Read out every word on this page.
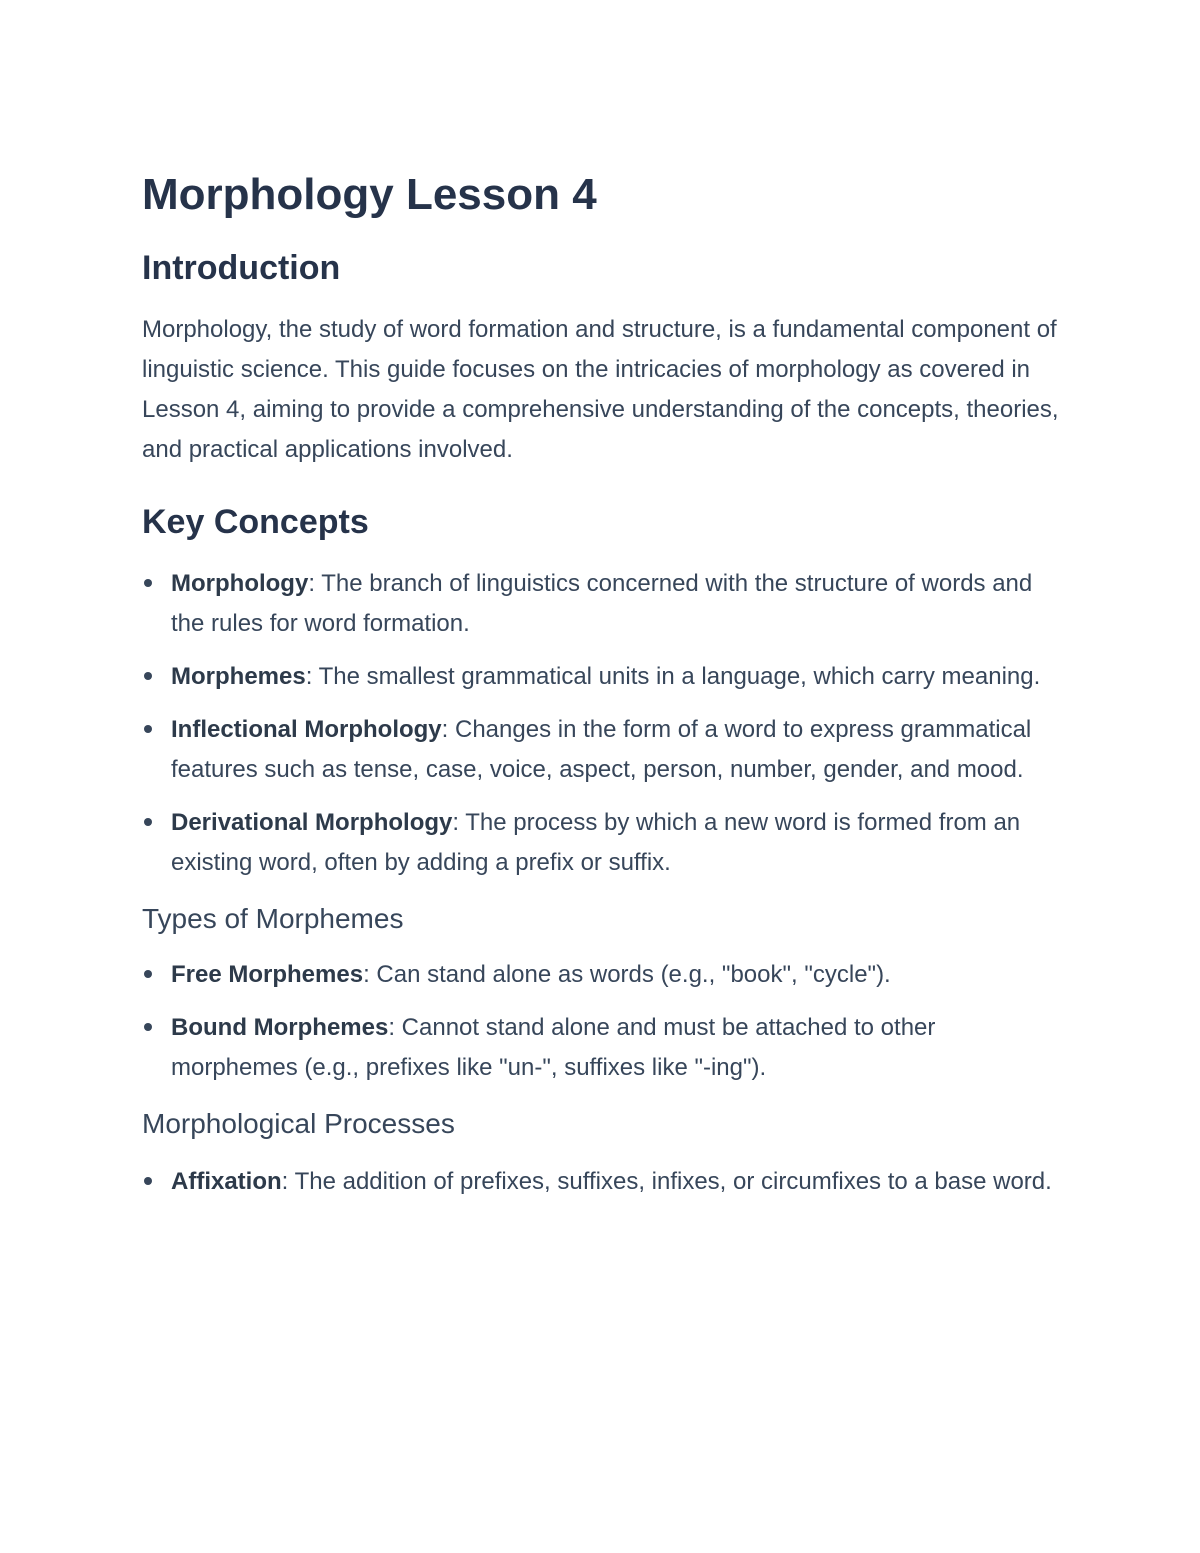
Morphology Lesson 4
Introduction

Morphology, the study of word formation and structure, is a fundamental component of linguistic science. This guide focuses on the intricacies of morphology as covered in Lesson 4, aiming to provide a comprehensive understanding of the concepts, theories, and practical applications involved.

Key Concepts
Morphology: The branch of linguistics concerned with the structure of words and the rules for word formation.
Morphemes: The smallest grammatical units in a language, which carry meaning.
Inflectional Morphology: Changes in the form of a word to express grammatical features such as tense, case, voice, aspect, person, number, gender, and mood.
Derivational Morphology: The process by which a new word is formed from an existing word, often by adding a prefix or suffix.
Types of Morphemes
Free Morphemes: Can stand alone as words (e.g., "book", "cycle").
Bound Morphemes: Cannot stand alone and must be attached to other morphemes (e.g., prefixes like "un-", suffixes like "-ing").
Morphological Processes
Affixation: The addition of prefixes, suffixes, infixes, or circumfixes to a base word.
